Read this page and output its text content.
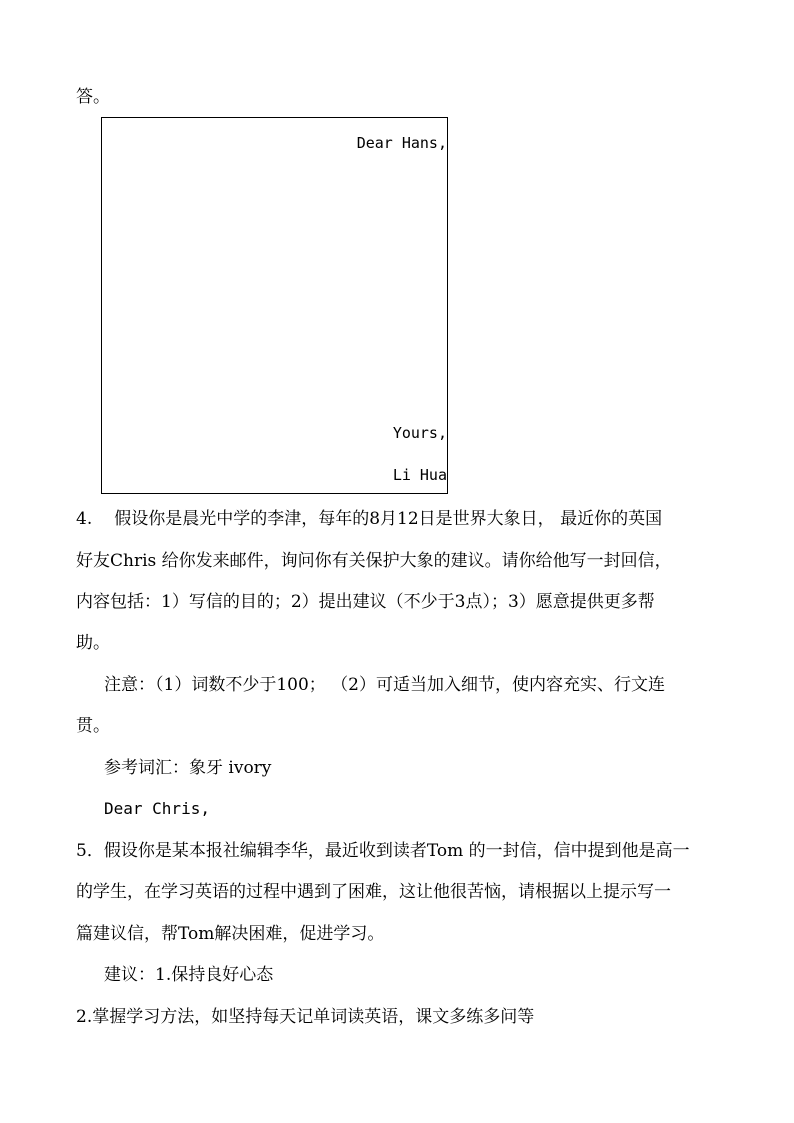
答。
Dear Hans,
Yours,
Li Hua
4. 假设你是晨光中学的李津，每年的8月12日是世界大象日， 最近你的英国
好友Chris 给你发来邮件，询问你有关保护大象的建议。请你给他写一封回信，
内容包括：1）写信的目的；2）提出建议（不少于3点）；3）愿意提供更多帮
助。
注意：（1）词数不少于100； （2）可适当加入细节，使内容充实、行文连
贯。
参考词汇：象牙 ivory
Dear Chris,
5．假设你是某本报社编辑李华，最近收到读者Tom 的一封信，信中提到他是高一
的学生，在学习英语的过程中遇到了困难，这让他很苦恼，请根据以上提示写一
篇建议信，帮Tom解决困难，促进学习。
建议：1.保持良好心态
2.掌握学习方法，如坚持每天记单词读英语，课文多练多问等
